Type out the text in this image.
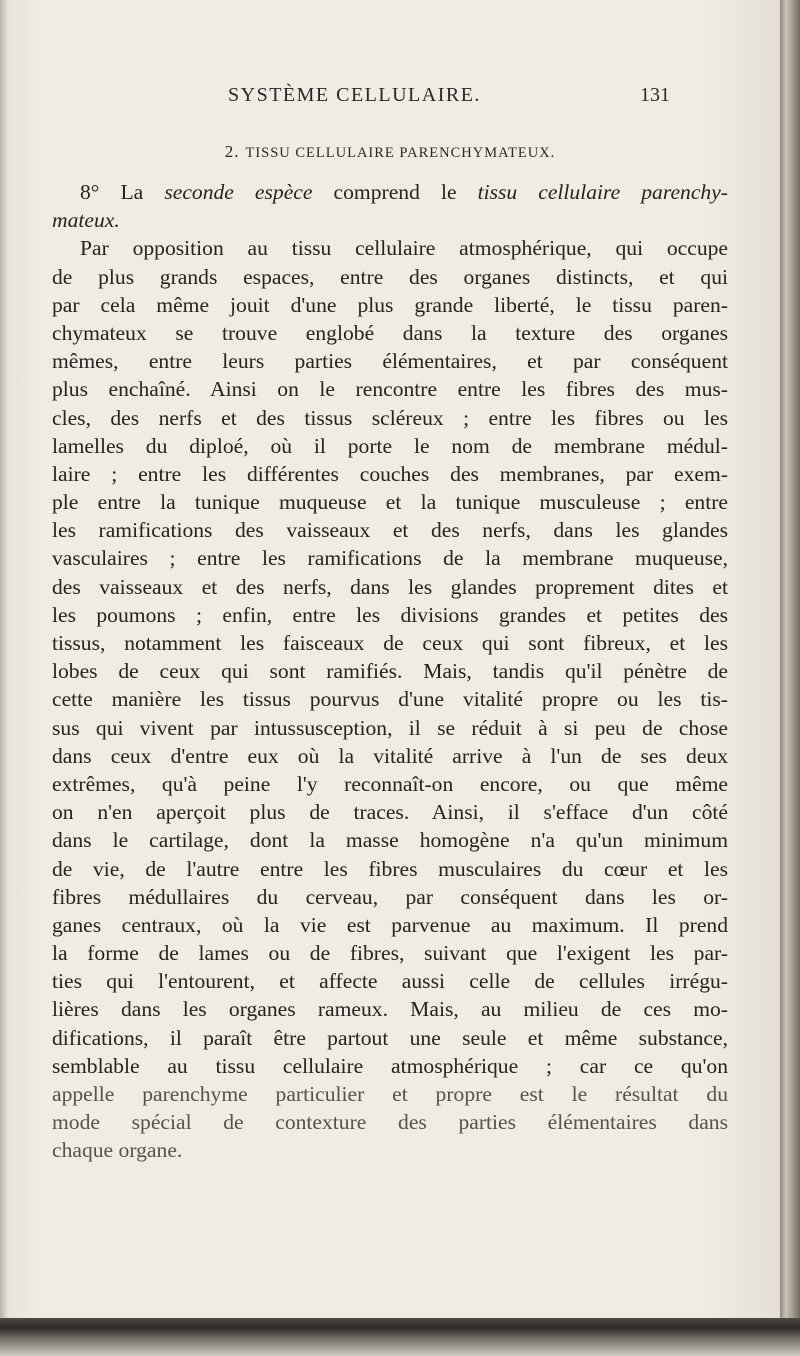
SYSTÈME CELLULAIRE.	131
2. TISSU CELLULAIRE PARENCHYMATEUX.
8° La seconde espèce comprend le tissu cellulaire parenchy-
mateux.
Par opposition au tissu cellulaire atmosphérique, qui occupe
de plus grands espaces, entre des organes distincts, et qui
par cela même jouit d'une plus grande liberté, le tissu paren-
chymateux se trouve englobé dans la texture des organes
mêmes, entre leurs parties élémentaires, et par conséquent
plus enchaîné. Ainsi on le rencontre entre les fibres des mus-
cles, des nerfs et des tissus scléreux ; entre les fibres ou les
lamelles du diploé, où il porte le nom de membrane médul-
laire ; entre les différentes couches des membranes, par exem-
ple entre la tunique muqueuse et la tunique musculeuse ; entre
les ramifications des vaisseaux et des nerfs, dans les glandes
vasculaires ; entre les ramifications de la membrane muqueuse,
des vaisseaux et des nerfs, dans les glandes proprement dites et
les poumons ; enfin, entre les divisions grandes et petites des
tissus, notamment les faisceaux de ceux qui sont fibreux, et les
lobes de ceux qui sont ramifiés. Mais, tandis qu'il pénètre de
cette manière les tissus pourvus d'une vitalité propre ou les tis-
sus qui vivent par intussusception, il se réduit à si peu de chose
dans ceux d'entre eux où la vitalité arrive à l'un de ses deux
extrêmes, qu'à peine l'y reconnaît-on encore, ou que même
on n'en aperçoit plus de traces. Ainsi, il s'efface d'un côté
dans le cartilage, dont la masse homogène n'a qu'un minimum
de vie, de l'autre entre les fibres musculaires du cœur et les
fibres médullaires du cerveau, par conséquent dans les or-
ganes centraux, où la vie est parvenue au maximum. Il prend
la forme de lames ou de fibres, suivant que l'exigent les par-
ties qui l'entourent, et affecte aussi celle de cellules irrégu-
lières dans les organes rameux. Mais, au milieu de ces mo-
difications, il paraît être partout une seule et même substance,
semblable au tissu cellulaire atmosphérique ; car ce qu'on
appelle parenchyme particulier et propre est le résultat du
mode spécial de contexture des parties élémentaires dans
chaque organe.
